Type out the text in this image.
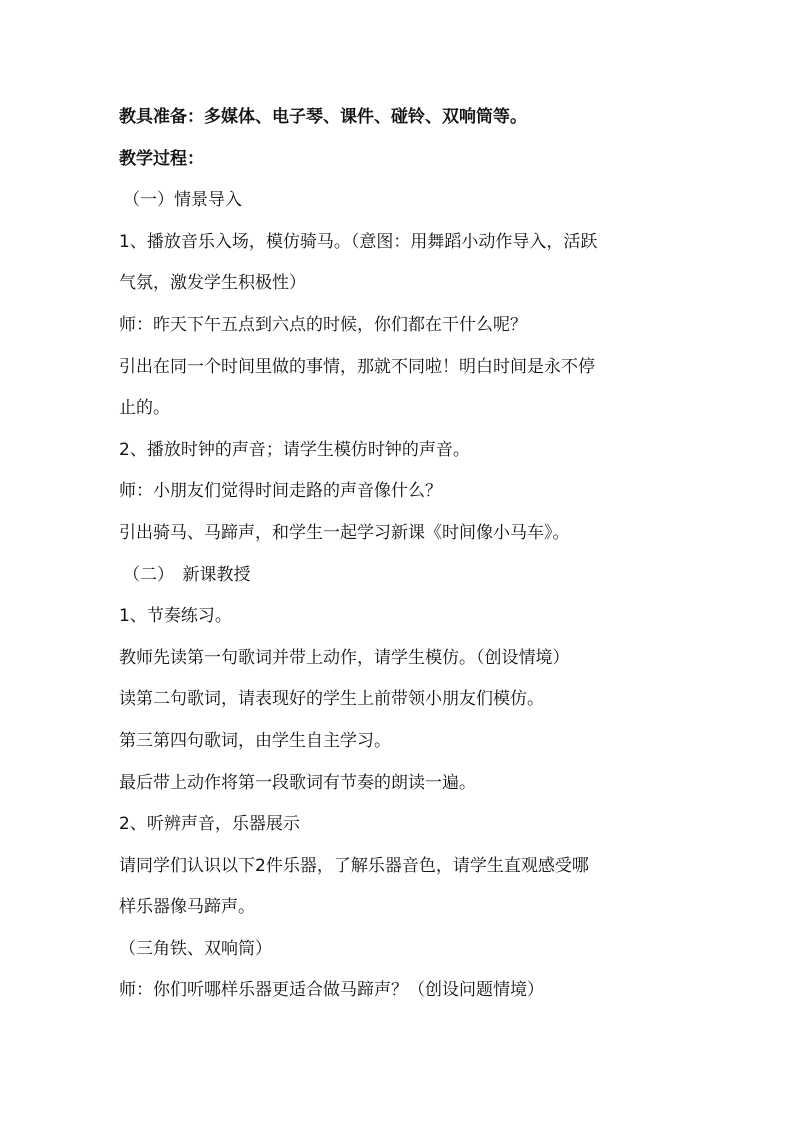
教具准备：多媒体、电子琴、课件、碰铃、双响筒等。
教学过程：
（一）情景导入
1、播放音乐入场，模仿骑马。（意图：用舞蹈小动作导入，活跃
气氛，激发学生积极性）
师：昨天下午五点到六点的时候，你们都在干什么呢？
引出在同一个时间里做的事情，那就不同啦！明白时间是永不停
止的。
2、播放时钟的声音；请学生模仿时钟的声音。
师：小朋友们觉得时间走路的声音像什么？
引出骑马、马蹄声，和学生一起学习新课《时间像小马车》。
（二）　新课教授
1、节奏练习。
教师先读第一句歌词并带上动作，请学生模仿。（创设情境）
读第二句歌词，请表现好的学生上前带领小朋友们模仿。
第三第四句歌词，由学生自主学习。
最后带上动作将第一段歌词有节奏的朗读一遍。
2、听辨声音，乐器展示
请同学们认识以下2件乐器，了解乐器音色，请学生直观感受哪
样乐器像马蹄声。
（三角铁、双响筒）
师：你们听哪样乐器更适合做马蹄声？（创设问题情境）
